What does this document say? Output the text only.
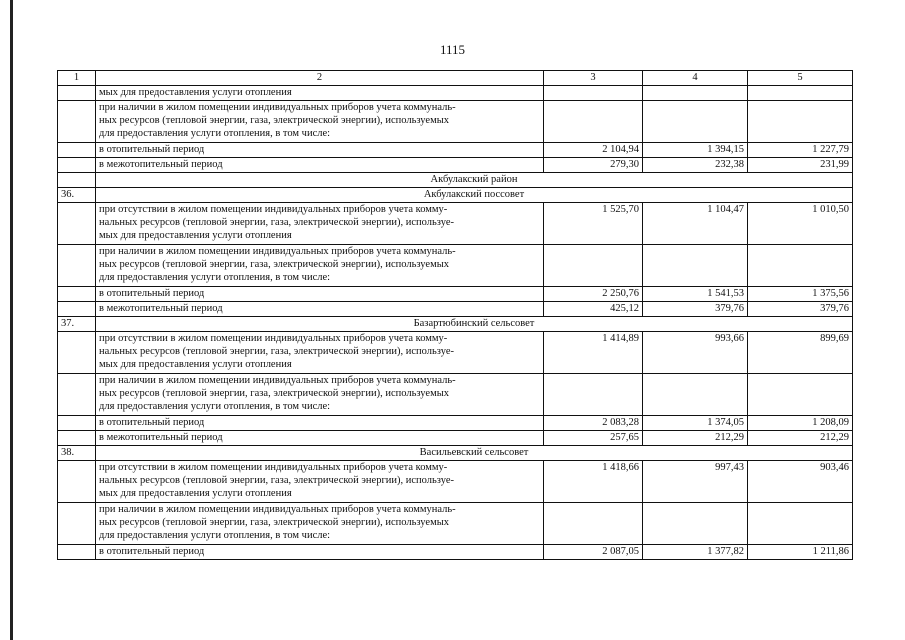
1115
1	2	3	4	5
	мых для предоставления услуги отопления			
	при наличии в жилом помещении индивидуальных приборов учета коммуналь-
ных ресурсов (тепловой энергии, газа, электрической энергии), используемых
для предоставления услуги отопления, в том числе:			
	в отопительный период	2 104,94	1 394,15	1 227,79
	в межотопительный период	279,30	232,38	231,99
	Акбулакский район			
36.	Акбулакский поссовет			
	при отсутствии в жилом помещении индивидуальных приборов учета комму-
нальных ресурсов (тепловой энергии, газа, электрической энергии), используе-
мых для предоставления услуги отопления	1 525,70	1 104,47	1 010,50
	при наличии в жилом помещении индивидуальных приборов учета коммуналь-
ных ресурсов (тепловой энергии, газа, электрической энергии), используемых
для предоставления услуги отопления, в том числе:			
	в отопительный период	2 250,76	1 541,53	1 375,56
	в межотопительный период	425,12	379,76	379,76
37.	Базартюбинский сельсовет			
	при отсутствии в жилом помещении индивидуальных приборов учета комму-
нальных ресурсов (тепловой энергии, газа, электрической энергии), используе-
мых для предоставления услуги отопления	1 414,89	993,66	899,69
	при наличии в жилом помещении индивидуальных приборов учета коммуналь-
ных ресурсов (тепловой энергии, газа, электрической энергии), используемых
для предоставления услуги отопления, в том числе:			
	в отопительный период	2 083,28	1 374,05	1 208,09
	в межотопительный период	257,65	212,29	212,29
38.	Васильевский сельсовет			
	при отсутствии в жилом помещении индивидуальных приборов учета комму-
нальных ресурсов (тепловой энергии, газа, электрической энергии), используе-
мых для предоставления услуги отопления	1 418,66	997,43	903,46
	при наличии в жилом помещении индивидуальных приборов учета коммуналь-
ных ресурсов (тепловой энергии, газа, электрической энергии), используемых
для предоставления услуги отопления, в том числе:			
	в отопительный период	2 087,05	1 377,82	1 211,86
